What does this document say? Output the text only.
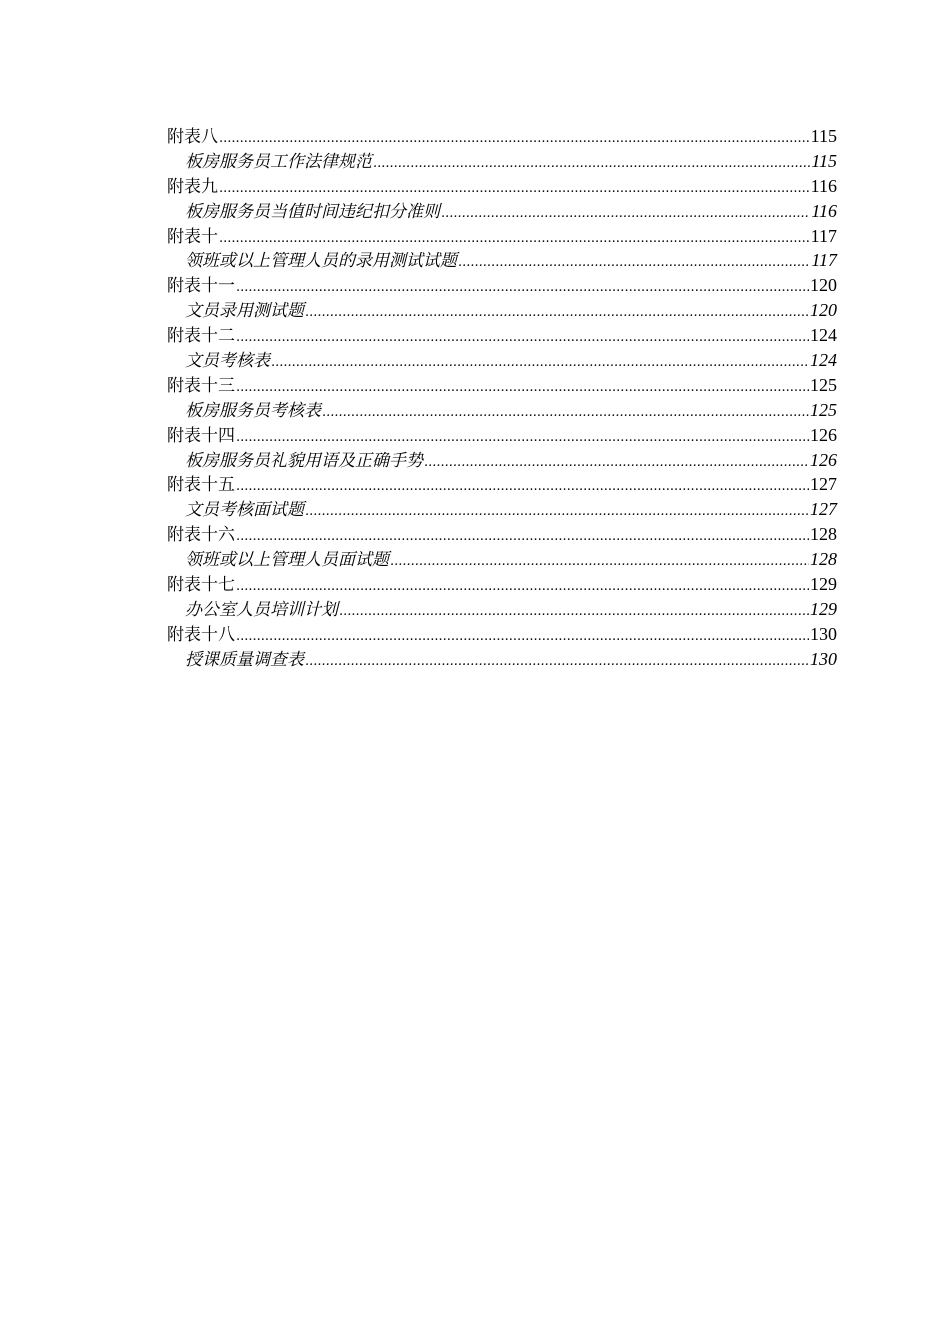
附表八 .....	115
板房服务员工作法律规范 .....	115
附表九 .....	116
板房服务员当值时间违纪扣分准则 .....	116
附表十 .....	117
领班或以上管理人员的录用测试试题 .....	117
附表十一 .....	120
文员录用测试题 .....	120
附表十二 .....	124
文员考核表 .....	124
附表十三 .....	125
板房服务员考核表 .....	125
附表十四 .....	126
板房服务员礼貌用语及正确手势 .....	126
附表十五 .....	127
文员考核面试题 .....	127
附表十六 .....	128
领班或以上管理人员面试题 .....	128
附表十七 .....	129
办公室人员培训计划 .....	129
附表十八 .....	130
授课质量调查表 .....	130
